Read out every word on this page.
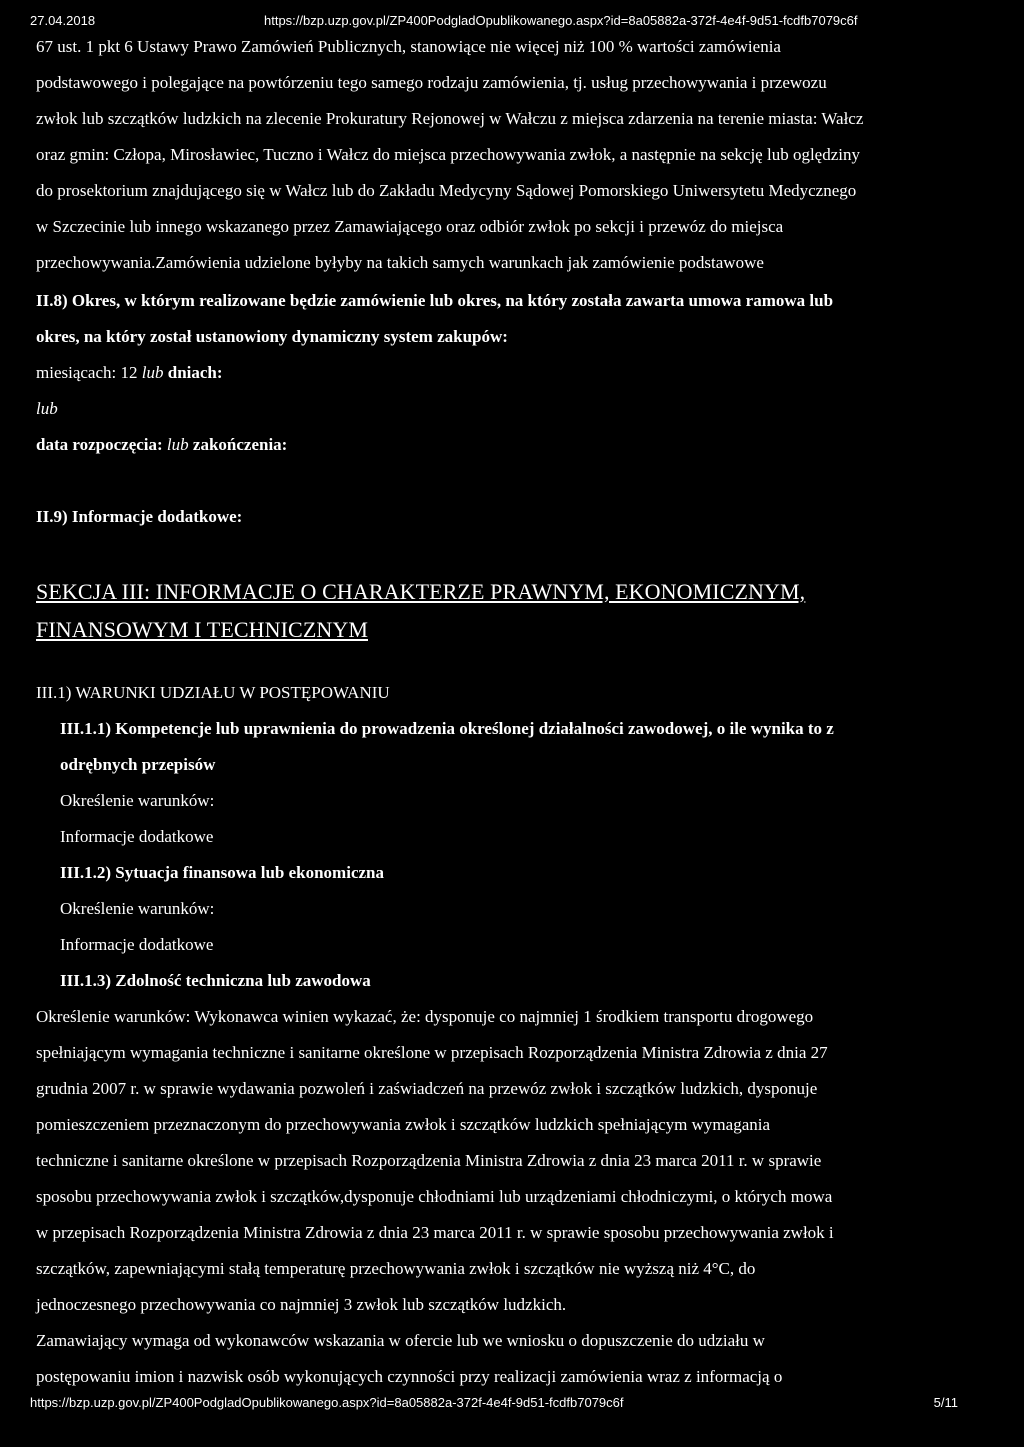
27.04.2018	https://bzp.uzp.gov.pl/ZP400PodgladOpublikowanego.aspx?id=8a05882a-372f-4e4f-9d51-fcdfb7079c6f
67 ust. 1 pkt 6 Ustawy Prawo Zamówień Publicznych, stanowiące nie więcej niż 100 % wartości zamówienia
podstawowego i polegające na powtórzeniu tego samego rodzaju zamówienia, tj. usług przechowywania i przewozu
zwłok lub szczątków ludzkich na zlecenie Prokuratury Rejonowej w Wałczu z miejsca zdarzenia na terenie miasta: Wałcz
oraz gmin: Człopa, Mirosławiec, Tuczno i Wałcz do miejsca przechowywania zwłok, a następnie na sekcję lub oględziny
do prosektorium znajdującego się w Wałcz lub do Zakładu Medycyny Sądowej Pomorskiego Uniwersytetu Medycznego
w Szczecinie lub innego wskazanego przez Zamawiającego oraz odbiór zwłok po sekcji i przewóz do miejsca
przechowywania.Zamówienia udzielone byłyby na takich samych warunkach jak zamówienie podstawowe
II.8) Okres, w którym realizowane będzie zamówienie lub okres, na który została zawarta umowa ramowa lub
okres, na który został ustanowiony dynamiczny system zakupów:
miesiącach: 12 lub dniach:
lub
data rozpoczęcia: lub zakończenia:
II.9) Informacje dodatkowe:
SEKCJA III: INFORMACJE O CHARAKTERZE PRAWNYM, EKONOMICZNYM,
FINANSOWYM I TECHNICZNYM
III.1) WARUNKI UDZIAŁU W POSTĘPOWANIU
III.1.1) Kompetencje lub uprawnienia do prowadzenia określonej działalności zawodowej, o ile wynika to z
odrębnych przepisów
Określenie warunków:
Informacje dodatkowe
III.1.2) Sytuacja finansowa lub ekonomiczna
Określenie warunków:
Informacje dodatkowe
III.1.3) Zdolność techniczna lub zawodowa
Określenie warunków: Wykonawca winien wykazać, że: dysponuje co najmniej 1 środkiem transportu drogowego
spełniającym wymagania techniczne i sanitarne określone w przepisach Rozporządzenia Ministra Zdrowia z dnia 27
grudnia 2007 r. w sprawie wydawania pozwoleń i zaświadczeń na przewóz zwłok i szczątków ludzkich, dysponuje
pomieszczeniem przeznaczonym do przechowywania zwłok i szczątków ludzkich spełniającym wymagania
techniczne i sanitarne określone w przepisach Rozporządzenia Ministra Zdrowia z dnia 23 marca 2011 r. w sprawie
sposobu przechowywania zwłok i szczątków,dysponuje chłodniami lub urządzeniami chłodniczymi, o których mowa
w przepisach Rozporządzenia Ministra Zdrowia z dnia 23 marca 2011 r. w sprawie sposobu przechowywania zwłok i
szczątków, zapewniającymi stałą temperaturę przechowywania zwłok i szczątków nie wyższą niż 4°C, do
jednoczesnego przechowywania co najmniej 3 zwłok lub szczątków ludzkich.
Zamawiający wymaga od wykonawców wskazania w ofercie lub we wniosku o dopuszczenie do udziału w
postępowaniu imion i nazwisk osób wykonujących czynności przy realizacji zamówienia wraz z informacją o
https://bzp.uzp.gov.pl/ZP400PodgladOpublikowanego.aspx?id=8a05882a-372f-4e4f-9d51-fcdfb7079c6f	5/11
